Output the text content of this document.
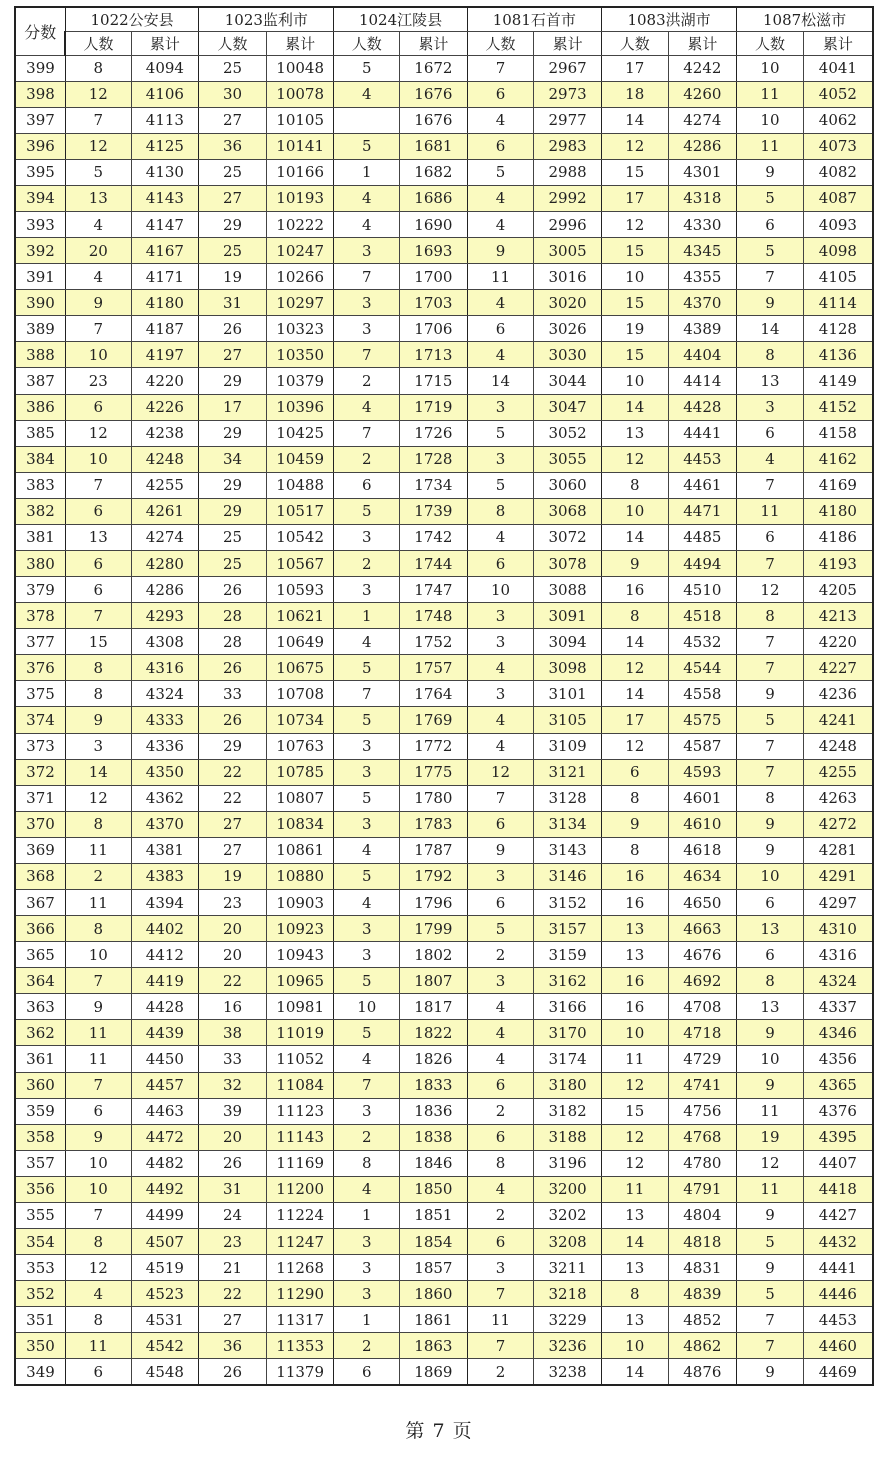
分数	1022公安县		1023监利市		1024江陵县		1081石首市		1083洪湖市		1087松滋市	
	人数	累计	人数	累计	人数	累计	人数	累计	人数	累计	人数	累计
399	8	4094	25	10048	5	1672	7	2967	17	4242	10	4041
398	12	4106	30	10078	4	1676	6	2973	18	4260	11	4052
397	7	4113	27	10105		1676	4	2977	14	4274	10	4062
396	12	4125	36	10141	5	1681	6	2983	12	4286	11	4073
395	5	4130	25	10166	1	1682	5	2988	15	4301	9	4082
394	13	4143	27	10193	4	1686	4	2992	17	4318	5	4087
393	4	4147	29	10222	4	1690	4	2996	12	4330	6	4093
392	20	4167	25	10247	3	1693	9	3005	15	4345	5	4098
391	4	4171	19	10266	7	1700	11	3016	10	4355	7	4105
390	9	4180	31	10297	3	1703	4	3020	15	4370	9	4114
389	7	4187	26	10323	3	1706	6	3026	19	4389	14	4128
388	10	4197	27	10350	7	1713	4	3030	15	4404	8	4136
387	23	4220	29	10379	2	1715	14	3044	10	4414	13	4149
386	6	4226	17	10396	4	1719	3	3047	14	4428	3	4152
385	12	4238	29	10425	7	1726	5	3052	13	4441	6	4158
384	10	4248	34	10459	2	1728	3	3055	12	4453	4	4162
383	7	4255	29	10488	6	1734	5	3060	8	4461	7	4169
382	6	4261	29	10517	5	1739	8	3068	10	4471	11	4180
381	13	4274	25	10542	3	1742	4	3072	14	4485	6	4186
380	6	4280	25	10567	2	1744	6	3078	9	4494	7	4193
379	6	4286	26	10593	3	1747	10	3088	16	4510	12	4205
378	7	4293	28	10621	1	1748	3	3091	8	4518	8	4213
377	15	4308	28	10649	4	1752	3	3094	14	4532	7	4220
376	8	4316	26	10675	5	1757	4	3098	12	4544	7	4227
375	8	4324	33	10708	7	1764	3	3101	14	4558	9	4236
374	9	4333	26	10734	5	1769	4	3105	17	4575	5	4241
373	3	4336	29	10763	3	1772	4	3109	12	4587	7	4248
372	14	4350	22	10785	3	1775	12	3121	6	4593	7	4255
371	12	4362	22	10807	5	1780	7	3128	8	4601	8	4263
370	8	4370	27	10834	3	1783	6	3134	9	4610	9	4272
369	11	4381	27	10861	4	1787	9	3143	8	4618	9	4281
368	2	4383	19	10880	5	1792	3	3146	16	4634	10	4291
367	11	4394	23	10903	4	1796	6	3152	16	4650	6	4297
366	8	4402	20	10923	3	1799	5	3157	13	4663	13	4310
365	10	4412	20	10943	3	1802	2	3159	13	4676	6	4316
364	7	4419	22	10965	5	1807	3	3162	16	4692	8	4324
363	9	4428	16	10981	10	1817	4	3166	16	4708	13	4337
362	11	4439	38	11019	5	1822	4	3170	10	4718	9	4346
361	11	4450	33	11052	4	1826	4	3174	11	4729	10	4356
360	7	4457	32	11084	7	1833	6	3180	12	4741	9	4365
359	6	4463	39	11123	3	1836	2	3182	15	4756	11	4376
358	9	4472	20	11143	2	1838	6	3188	12	4768	19	4395
357	10	4482	26	11169	8	1846	8	3196	12	4780	12	4407
356	10	4492	31	11200	4	1850	4	3200	11	4791	11	4418
355	7	4499	24	11224	1	1851	2	3202	13	4804	9	4427
354	8	4507	23	11247	3	1854	6	3208	14	4818	5	4432
353	12	4519	21	11268	3	1857	3	3211	13	4831	9	4441
352	4	4523	22	11290	3	1860	7	3218	8	4839	5	4446
351	8	4531	27	11317	1	1861	11	3229	13	4852	7	4453
350	11	4542	36	11353	2	1863	7	3236	10	4862	7	4460
349	6	4548	26	11379	6	1869	2	3238	14	4876	9	4469
第 7 页
